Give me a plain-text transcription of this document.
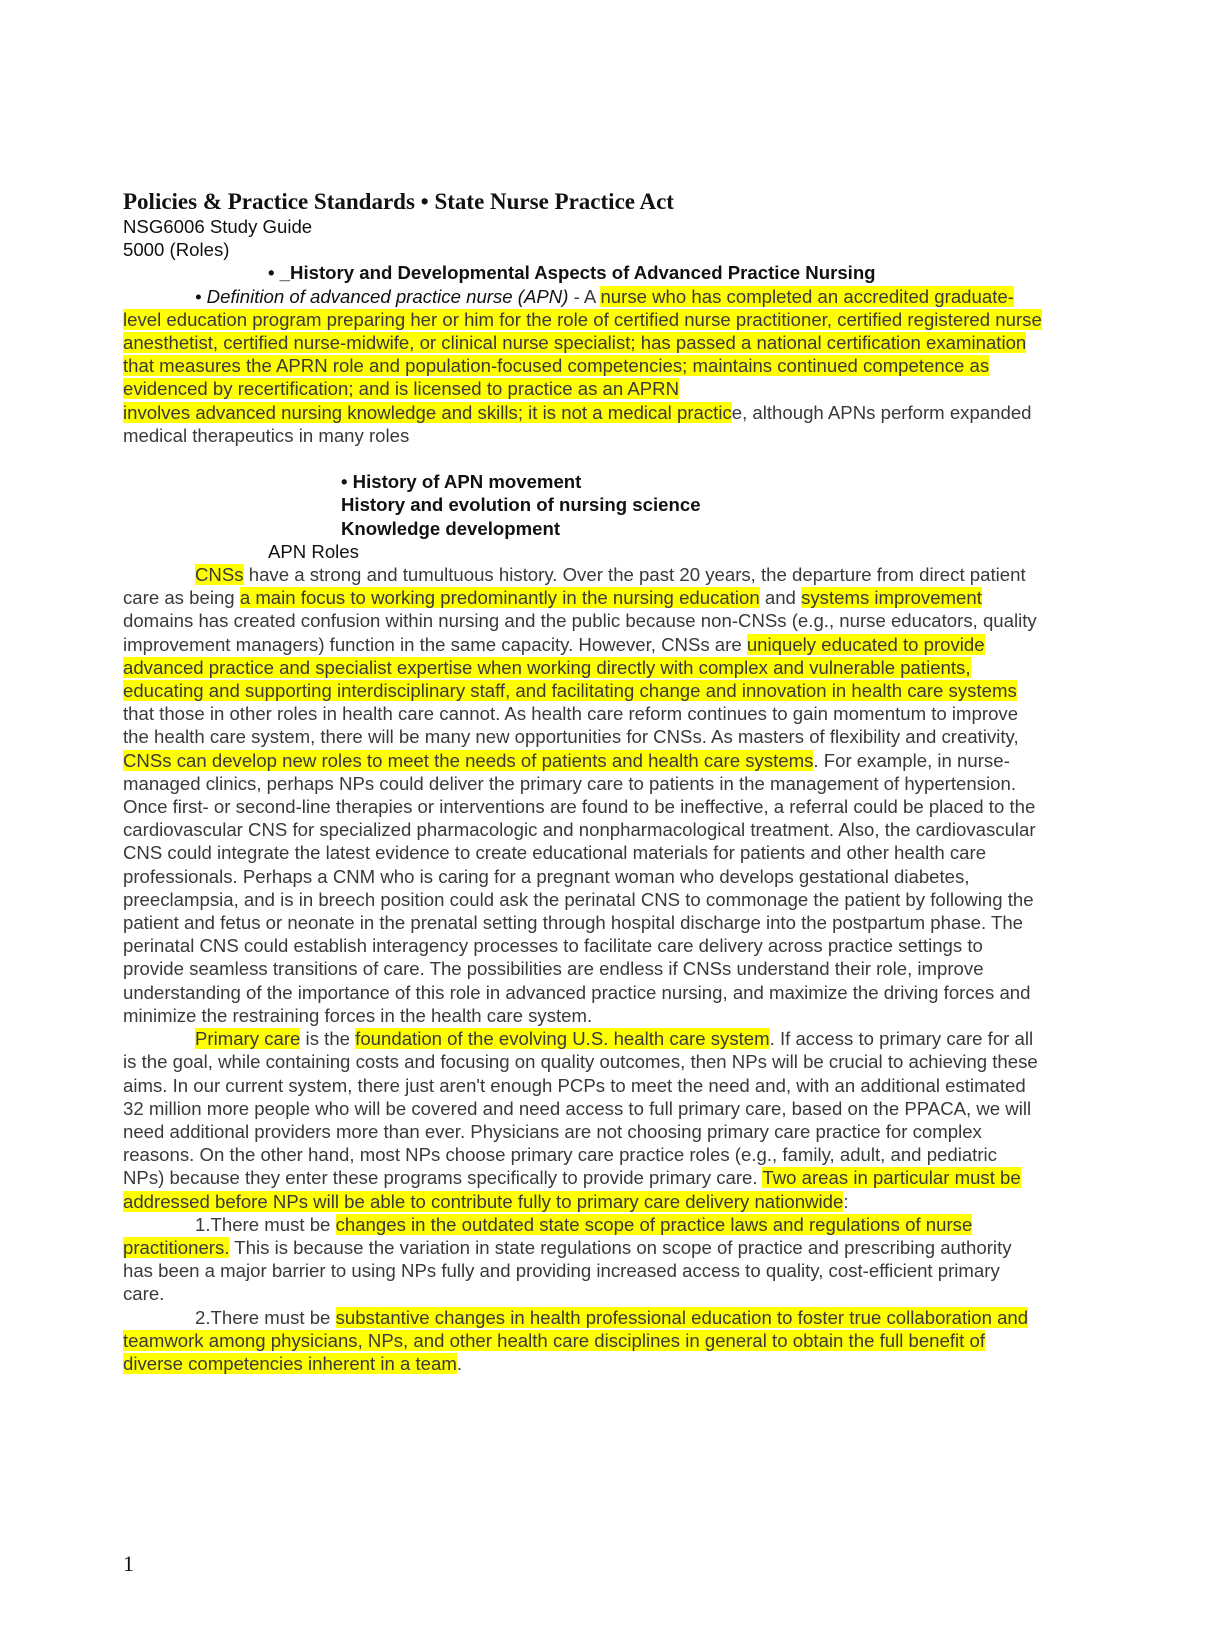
Policies & Practice Standards • State Nurse Practice Act

NSG6006 Study Guide

5000 (Roles)

• _History and Developmental Aspects of Advanced Practice Nursing

• Definition of advanced practice nurse (APN) - A nurse who has completed an accredited graduate-level education program preparing her or him for the role of certified nurse practitioner, certified registered nurse anesthetist, certified nurse-midwife, or clinical nurse specialist; has passed a national certification examination that measures the APRN role and population-focused competencies; maintains continued competence as evidenced by recertification; and is licensed to practice as an APRN

involves advanced nursing knowledge and skills; it is not a medical practice, although APNs perform expanded medical therapeutics in many roles

• History of APN movement

History and evolution of nursing science

Knowledge development

APN Roles

CNSs have a strong and tumultuous history. Over the past 20 years, the departure from direct patient care as being a main focus to working predominantly in the nursing education and systems improvement domains has created confusion within nursing and the public because non-CNSs (e.g., nurse educators, quality improvement managers) function in the same capacity. However, CNSs are uniquely educated to provide advanced practice and specialist expertise when working directly with complex and vulnerable patients, educating and supporting interdisciplinary staff, and facilitating change and innovation in health care systems that those in other roles in health care cannot. As health care reform continues to gain momentum to improve the health care system, there will be many new opportunities for CNSs. As masters of flexibility and creativity, CNSs can develop new roles to meet the needs of patients and health care systems. For example, in nurse-managed clinics, perhaps NPs could deliver the primary care to patients in the management of hypertension. Once first- or second-line therapies or interventions are found to be ineffective, a referral could be placed to the cardiovascular CNS for specialized pharmacologic and nonpharmacological treatment. Also, the cardiovascular CNS could integrate the latest evidence to create educational materials for patients and other health care professionals. Perhaps a CNM who is caring for a pregnant woman who develops gestational diabetes, preeclampsia, and is in breech position could ask the perinatal CNS to commonage the patient by following the patient and fetus or neonate in the prenatal setting through hospital discharge into the postpartum phase. The perinatal CNS could establish interagency processes to facilitate care delivery across practice settings to provide seamless transitions of care. The possibilities are endless if CNSs understand their role, improve understanding of the importance of this role in advanced practice nursing, and maximize the driving forces and minimize the restraining forces in the health care system.

Primary care is the foundation of the evolving U.S. health care system. If access to primary care for all is the goal, while containing costs and focusing on quality outcomes, then NPs will be crucial to achieving these aims. In our current system, there just aren't enough PCPs to meet the need and, with an additional estimated 32 million more people who will be covered and need access to full primary care, based on the PPACA, we will need additional providers more than ever. Physicians are not choosing primary care practice for complex reasons. On the other hand, most NPs choose primary care practice roles (e.g., family, adult, and pediatric NPs) because they enter these programs specifically to provide primary care. Two areas in particular must be addressed before NPs will be able to contribute fully to primary care delivery nationwide:

1.There must be changes in the outdated state scope of practice laws and regulations of nurse practitioners. This is because the variation in state regulations on scope of practice and prescribing authority has been a major barrier to using NPs fully and providing increased access to quality, cost-efficient primary care.

2.There must be substantive changes in health professional education to foster true collaboration and teamwork among physicians, NPs, and other health care disciplines in general to obtain the full benefit of diverse competencies inherent in a team.

1
